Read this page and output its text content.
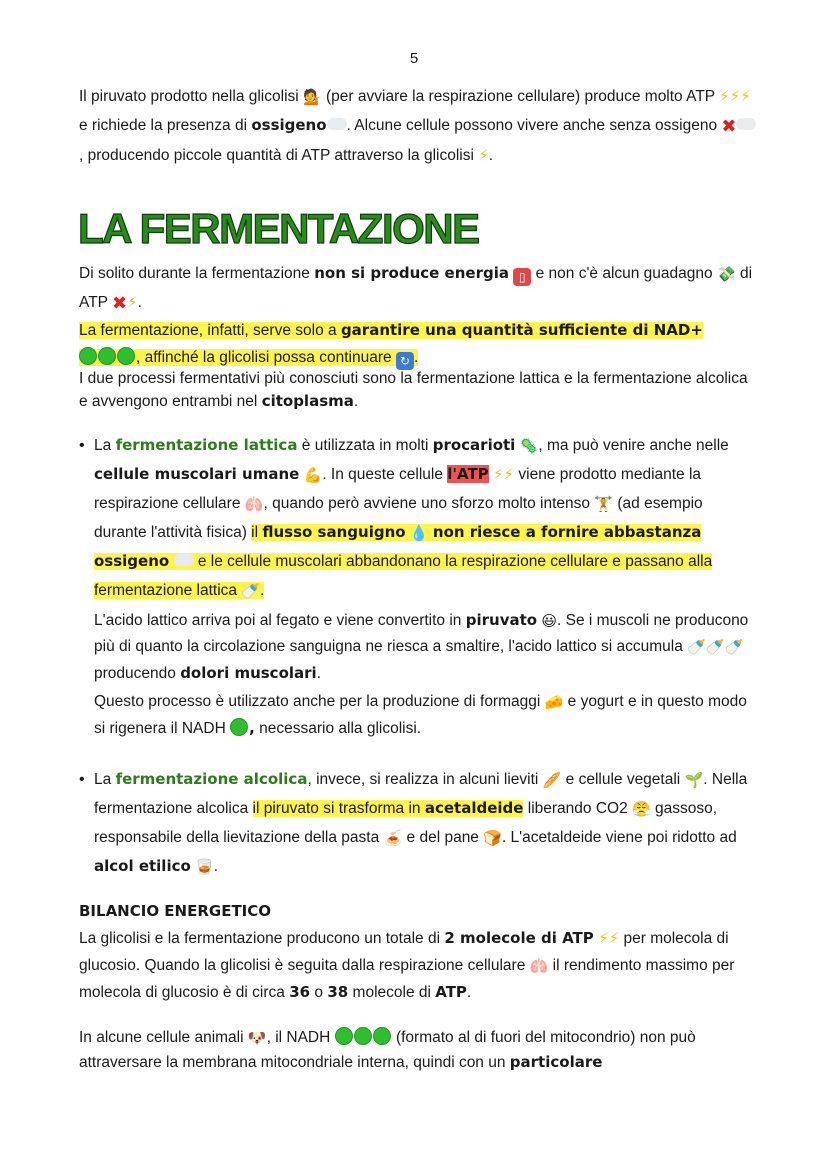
5
Il piruvato prodotto nella glicolisi 💁 (per avviare la respirazione cellulare) produce molto ATP ⚡⚡⚡ e richiede la presenza di ossigeno . Alcune cellule possono vivere anche senza ossigeno ✖, producendo piccole quantità di ATP attraverso la glicolisi ⚡.
LA FERMENTAZIONE
Di solito durante la fermentazione non si produce energia ▯ e non c'è alcun guadagno 💸 di ATP ✖⚡.
La fermentazione, infatti, serve solo a garantire una quantità sufficiente di NAD+
, affinché la glicolisi possa continuare ↻ .
I due processi fermentativi più conosciuti sono la fermentazione lattica e la fermentazione alcolica e avvengono entrambi nel citoplasma.
• La fermentazione lattica è utilizzata in molti procarioti 🦠, ma può venire anche nelle cellule muscolari umane 💪. In queste cellule l'ATP ⚡⚡ viene prodotto mediante la respirazione cellulare 🫁, quando però avviene uno sforzo molto intenso 🏋 (ad esempio durante l'attività fisica) il flusso sanguigno 💧 non riesce a fornire abbastanza ossigeno e le cellule muscolari abbandonano la respirazione cellulare e passano alla fermentazione lattica 🍼.
L'acido lattico arriva poi al fegato e viene convertito in piruvato 😃. Se i muscoli ne producono più di quanto la circolazione sanguigna ne riesca a smaltire, l'acido lattico si accumula 🍼🍼🍼 producendo dolori muscolari.
Questo processo è utilizzato anche per la produzione di formaggi 🧀 e yogurt e in questo modo si rigenera il NADH , necessario alla glicolisi.
• La fermentazione alcolica, invece, si realizza in alcuni lieviti 🥖 e cellule vegetali 🌱. Nella fermentazione alcolica il piruvato si trasforma in acetaldeide liberando CO2 😤 gassoso, responsabile della lievitazione della pasta 🍝 e del pane 🍞. L'acetaldeide viene poi ridotto ad alcol etilico 🥃.
BILANCIO ENERGETICO
La glicolisi e la fermentazione producono un totale di 2 molecole di ATP ⚡⚡ per molecola di glucosio. Quando la glicolisi è seguita dalla respirazione cellulare 🫁 il rendimento massimo per molecola di glucosio è di circa 36 o 38 molecole di ATP.
In alcune cellule animali 🐶, il NADH	(formato al di fuori del mitocondrio) non può attraversare la membrana mitocondriale interna, quindi con un particolare
